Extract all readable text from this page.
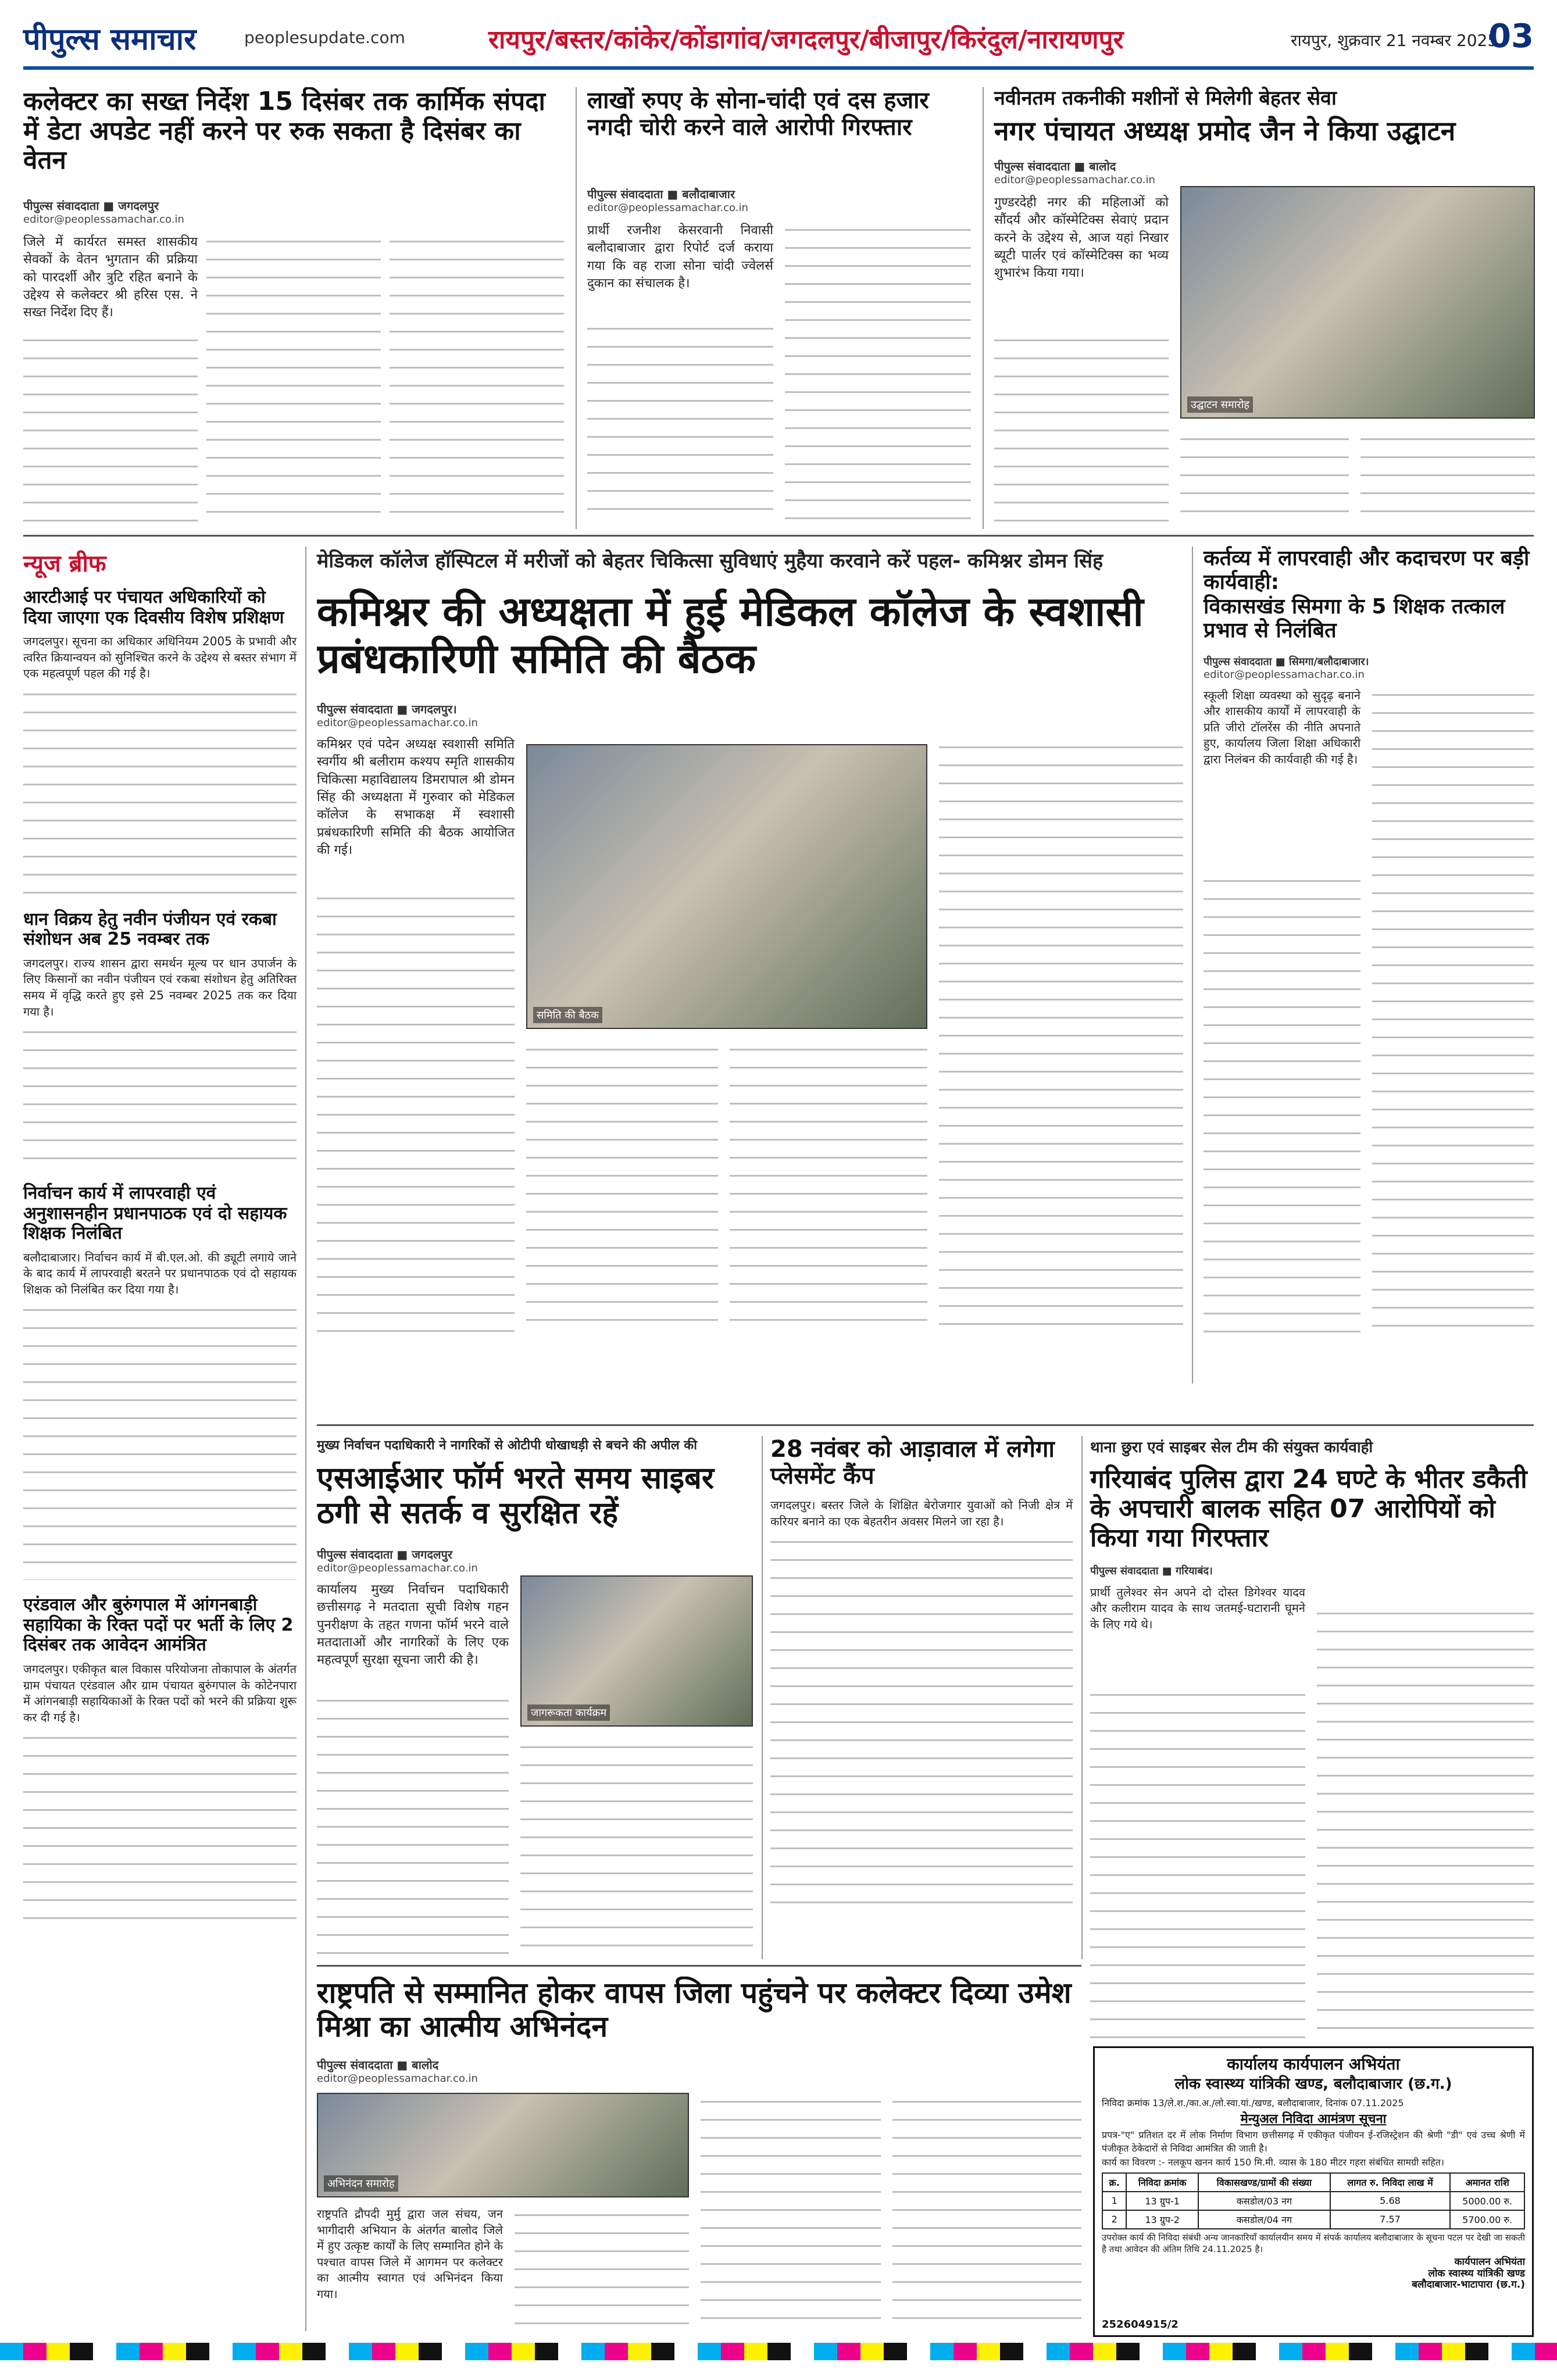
पीपुल्स समाचार	peoplesupdate.com	रायपुर/बस्तर/कांकेर/कोंडागांव/जगदलपुर/बीजापुर/किरंदुल/नारायणपुर	रायपुर, शुक्रवार 21 नवम्बर 2025
03
कलेक्टर का सख्त निर्देश 15 दिसंबर तक कार्मिक संपदा में डेटा अपडेट नहीं करने पर रुक सकता है दिसंबर का वेतन
पीपुल्स संवाददाता ■ जगदलपुर
editor@peoplessamachar.co.in
जिले में कार्यरत समस्त शासकीय सेवकों के वेतन भुगतान की प्रक्रिया को पारदर्शी और त्रुटि रहित बनाने के उद्देश्य से कलेक्टर श्री हरिस एस. ने सख्त निर्देश दिए हैं।
लाखों रुपए के सोना-चांदी एवं दस हजार नगदी चोरी करने वाले आरोपी गिरफ्तार
पीपुल्स संवाददाता ■ बलौदाबाजार
editor@peoplessamachar.co.in
प्रार्थी रजनीश केसरवानी निवासी बलौदाबाजार द्वारा रिपोर्ट दर्ज कराया गया कि वह राजा सोना चांदी ज्वेलर्स दुकान का संचालक है।
नवीनतम तकनीकी मशीनों से मिलेगी बेहतर सेवा
नगर पंचायत अध्यक्ष प्रमोद जैन ने किया उद्घाटन
पीपुल्स संवाददाता ■ बालोद
editor@peoplessamachar.co.in
गुण्डरदेही नगर की महिलाओं को सौंदर्य और कॉस्मेटिक्स सेवाएं प्रदान करने के उद्देश्य से, आज यहां निखार ब्यूटी पार्लर एवं कॉस्मेटिक्स का भव्य शुभारंभ किया गया।
उद्घाटन समारोह
न्यूज ब्रीफ
आरटीआई पर पंचायत अधिकारियों को दिया जाएगा एक दिवसीय विशेष प्रशिक्षण
जगदलपुर। सूचना का अधिकार अधिनियम 2005 के प्रभावी और त्वरित क्रियान्वयन को सुनिश्चित करने के उद्देश्य से बस्तर संभाग में एक महत्वपूर्ण पहल की गई है।
धान विक्रय हेतु नवीन पंजीयन एवं रकबा संशोधन अब 25 नवम्बर तक
जगदलपुर। राज्य शासन द्वारा समर्थन मूल्य पर धान उपार्जन के लिए किसानों का नवीन पंजीयन एवं रकबा संशोधन हेतु अतिरिक्त समय में वृद्धि करते हुए इसे 25 नवम्बर 2025 तक कर दिया गया है।
निर्वाचन कार्य में लापरवाही एवं अनुशासनहीन प्रधानपाठक एवं दो सहायक शिक्षक निलंबित
बलौदाबाजार। निर्वाचन कार्य में बी.एल.ओ. की ड्यूटी लगाये जाने के बाद कार्य में लापरवाही बरतने पर प्रधानपाठक एवं दो सहायक शिक्षक को निलंबित कर दिया गया है।
एरंडवाल और बुरुंगपाल में आंगनबाड़ी सहायिका के रिक्त पदों पर भर्ती के लिए 2 दिसंबर तक आवेदन आमंत्रित
जगदलपुर। एकीकृत बाल विकास परियोजना तोकापाल के अंतर्गत ग्राम पंचायत एरंडवाल और ग्राम पंचायत बुरुंगपाल के कोटेनपारा में आंगनबाड़ी सहायिकाओं के रिक्त पदों को भरने की प्रक्रिया शुरू कर दी गई है।
मेडिकल कॉलेज हॉस्पिटल में मरीजों को बेहतर चिकित्सा सुविधाएं मुहैया करवाने करें पहल- कमिश्नर डोमन सिंह
कमिश्नर की अध्यक्षता में हुई मेडिकल कॉलेज के स्वशासी प्रबंधकारिणी समिति की बैठक
पीपुल्स संवाददाता ■ जगदलपुर।
editor@peoplessamachar.co.in
कमिश्नर एवं पदेन अध्यक्ष स्वशासी समिति स्वर्गीय श्री बलीराम कश्यप स्मृति शासकीय चिकित्सा महाविद्यालय डिमरापाल श्री डोमन सिंह की अध्यक्षता में गुरुवार को मेडिकल कॉलेज के सभाकक्ष में स्वशासी प्रबंधकारिणी समिति की बैठक आयोजित की गई।
समिति की बैठक
कर्तव्य में लापरवाही और कदाचरण पर बड़ी कार्यवाही:
विकासखंड सिमगा के 5 शिक्षक तत्काल प्रभाव से निलंबित
पीपुल्स संवाददाता ■ सिमगा/बलौदाबाजार।
editor@peoplessamachar.co.in
स्कूली शिक्षा व्यवस्था को सुदृढ़ बनाने और शासकीय कार्यों में लापरवाही के प्रति जीरो टॉलरेंस की नीति अपनाते हुए, कार्यालय जिला शिक्षा अधिकारी द्वारा निलंबन की कार्यवाही की गई है।
मुख्य निर्वाचन पदाधिकारी ने नागरिकों से ओटीपी धोखाधड़ी से बचने की अपील की
एसआईआर फॉर्म भरते समय साइबर ठगी से सतर्क व सुरक्षित रहें
पीपुल्स संवाददाता ■ जगदलपुर
editor@peoplessamachar.co.in
जागरूकता कार्यक्रम
कार्यालय मुख्य निर्वाचन पदाधिकारी छत्तीसगढ़ ने मतदाता सूची विशेष गहन पुनरीक्षण के तहत गणना फॉर्म भरने वाले मतदाताओं और नागरिकों के लिए एक महत्वपूर्ण सुरक्षा सूचना जारी की है।
28 नवंबर को आड़ावाल में लगेगा प्लेसमेंट कैंप
जगदलपुर। बस्तर जिले के शिक्षित बेरोजगार युवाओं को निजी क्षेत्र में करियर बनाने का एक बेहतरीन अवसर मिलने जा रहा है।
थाना छुरा एवं साइबर सेल टीम की संयुक्त कार्यवाही
गरियाबंद पुलिस द्वारा 24 घण्टे के भीतर डकैती के अपचारी बालक सहित 07 आरोपियों को किया गया गिरफ्तार
पीपुल्स संवाददाता ■ गरियाबंद।
प्रार्थी तुलेश्वर सेन अपने दो दोस्त डिगेश्वर यादव और कलीराम यादव के साथ जतमई-घटारानी घूमने के लिए गये थे।
राष्ट्रपति से सम्मानित होकर वापस जिला पहुंचने पर कलेक्टर दिव्या उमेश मिश्रा का आत्मीय अभिनंदन
पीपुल्स संवाददाता ■ बालोद
editor@peoplessamachar.co.in
अभिनंदन समारोह
राष्ट्रपति द्रौपदी मुर्मु द्वारा जल संचय, जन भागीदारी अभियान के अंतर्गत बालोद जिले में हुए उत्कृष्ट कार्यों के लिए सम्मानित होने के पश्चात वापस जिले में आगमन पर कलेक्टर का आत्मीय स्वागत एवं अभिनंदन किया गया।
कार्यालय कार्यपालन अभियंता
लोक स्वास्थ्य यांत्रिकी खण्ड, बलौदाबाजार (छ.ग.)
निविदा क्रमांक 13/ले.श./का.अ./लो.स्वा.यां./खण्ड, बलौदाबाजार, दिनांक 07.11.2025
मेन्युअल निविदा आमंत्रण सूचना
प्रपत्र-"ए" प्रतिशत दर में लोक निर्माण विभाग छत्तीसगढ़ में एकीकृत पंजीयन ई-रजिस्ट्रेशन की श्रेणी "डी" एवं उच्च श्रेणी में पंजीकृत ठेकेदारों से निविदा आमंत्रित की जाती है।
कार्य का विवरण :- नलकूप खनन कार्य 150 मि.मी. व्यास के 180 मीटर गहरा संबंधित सामग्री सहित।
क्र.	निविदा क्रमांक	विकासखण्ड/ग्रामों की संख्या	लागत रु. निविदा लाख में	अमानत राशि
1	13 ग्रुप-1	कसडोल/03 नग	5.68	5000.00 रु.
2	13 ग्रुप-2	कसडोल/04 नग	7.57	5700.00 रु.
उपरोक्त कार्य की निविदा संबंधी अन्य जानकारियाँ कार्यालयीन समय में संपर्क कार्यालय बलौदाबाजार के सूचना पटल पर देखी जा सकती है तथा आवेदन की अंतिम तिथि 24.11.2025 है।
कार्यपालन अभियंता
लोक स्वास्थ्य यांत्रिकी खण्ड
बलौदाबाजार-भाटापारा (छ.ग.)
252604915/2
